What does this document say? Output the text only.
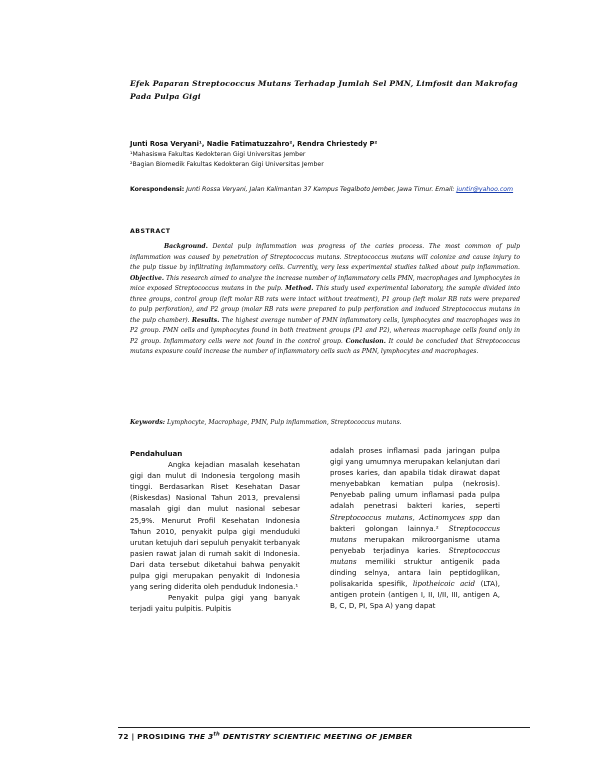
Efek Paparan Streptococcus Mutans Terhadap Jumlah Sel PMN, Limfosit dan Makrofag Pada Pulpa Gigi
Junti Rosa Veryani¹, Nadie Fatimatuzzahro², Rendra Chriestedy P²
¹Mahasiswa Fakultas Kedokteran Gigi Universitas Jember
²Bagian Biomedik Fakultas Kedokteran Gigi Universitas Jember
Korespondensi: Junti Rossa Veryani, Jalan Kalimantan 37 Kampus Tegalboto Jember, Jawa Timur. Email: juntir@yahoo.com
ABSTRACT
Background. Dental pulp inflammation was progress of the caries process. The most common of pulp inflammation was caused by penetration of Streptococcus mutans. Streptococcus mutans will colonize and cause injury to the pulp tissue by infiltrating inflammatory cells. Currently, very less experimental studies talked about pulp inflammation. Objective. This research aimed to analyze the increase number of inflammatory cells PMN, macrophages and lymphocytes in mice exposed Streptococcus mutans in the pulp. Method. This study used experimental laboratory, the sample divided into three groups, control group (left molar RB rats were intact without treatment), P1 group (left molar RB rats were prepared to pulp perforation), and P2 group (molar RB rats were prepared to pulp perforation and induced Streptococcus mutans in the pulp chamber). Results. The highest average number of PMN inflammatory cells, lymphocytes and macrophages was in P2 group. PMN cells and lymphocytes found in both treatment groups (P1 and P2), whereas macrophage cells found only in P2 group. Inflammatory cells were not found in the control group. Conclusion. It could be concluded that Streptococcus mutans exposure could increase the number of inflammatory cells such as PMN, lymphocytes and macrophages.
Keywords: Lymphocyte, Macrophage, PMN, Pulp inflammation, Streptococcus mutans.
Pendahuluan

Angka kejadian masalah kesehatan gigi dan mulut di Indonesia tergolong masih tinggi. Berdasarkan Riset Kesehatan Dasar (Riskesdas) Nasional Tahun 2013, prevalensi masalah gigi dan mulut nasional sebesar 25,9%. Menurut Profil Kesehatan Indonesia Tahun 2010, penyakit pulpa gigi menduduki urutan ketujuh dari sepuluh penyakit terbanyak pasien rawat jalan di rumah sakit di Indonesia. Dari data tersebut diketahui bahwa penyakit pulpa gigi merupakan penyakit di Indonesia yang sering diderita oleh penduduk Indonesia.¹

Penyakit pulpa gigi yang banyak terjadi yaitu pulpitis. Pulpitis

adalah proses inflamasi pada jaringan pulpa gigi yang umumnya merupakan kelanjutan dari proses karies, dan apabila tidak dirawat dapat menyebabkan kematian pulpa (nekrosis). Penyebab paling umum inflamasi pada pulpa adalah penetrasi bakteri karies, seperti Streptococcus mutans, Actinomyces spp dan bakteri golongan lainnya.² Streptococcus mutans merupakan mikroorganisme utama penyebab terjadinya karies. Streptococcus mutans memiliki struktur antigenik pada dinding selnya, antara lain peptidoglikan, polisakarida spesifik, lipotheicoic acid (LTA), antigen protein (antigen I, II, I/II, III, antigen A, B, C, D, PI, Spa A) yang dapat

72 | PROSIDING THE 3th DENTISTRY SCIENTIFIC MEETING OF JEMBER
